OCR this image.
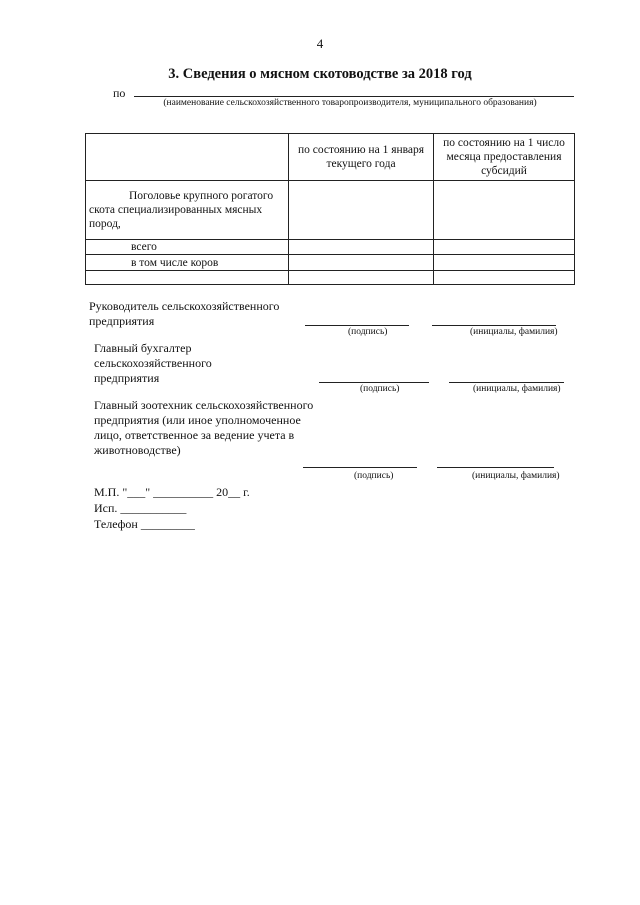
4
3. Сведения о мясном скотоводстве за 2018 год
по
(наименование сельскохозяйственного товаропроизводителя, муниципального образования)
	по состоянию на 1 января текущего года	по состоянию на 1 число месяца предоставления субсидий

Поголовье крупного рогатого скота специализированных мясных пород,		

всего		
в том числе коров		

Руководитель сельскохозяйственного предприятия
(подпись)	(инициалы, фамилия)
Главный бухгалтер сельскохозяйственного предприятия
(подпись)	(инициалы, фамилия)
Главный зоотехник сельскохозяйственного предприятия (или иное уполномоченное лицо, ответственное за ведение учета в животноводстве)
(подпись)	(инициалы, фамилия)
М.П. "___" __________ 20__ г.
Исп. ___________
Телефон _________
